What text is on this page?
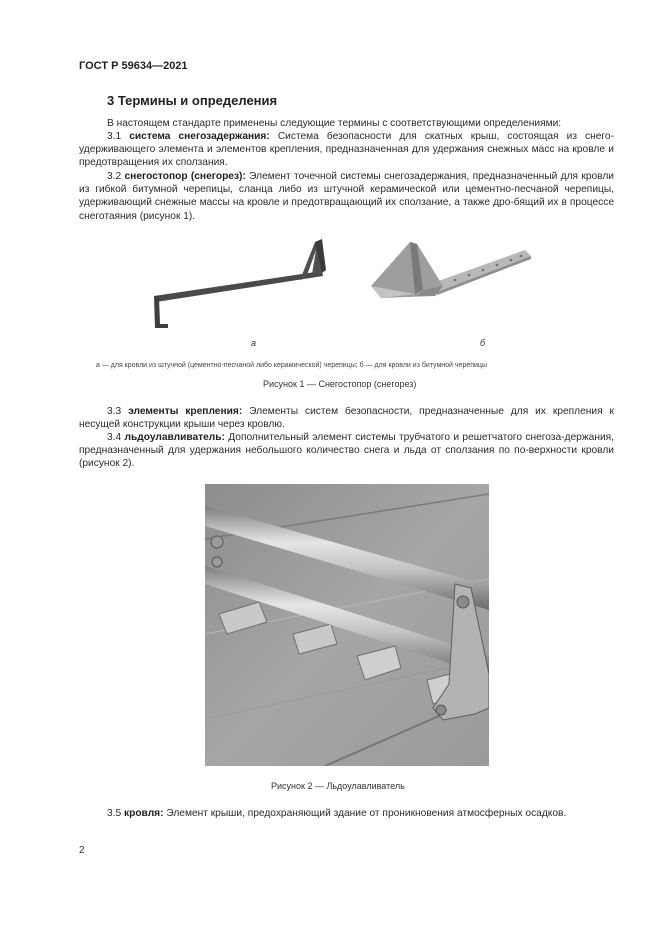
ГОСТ Р 59634—2021
3 Термины и определения
В настоящем стандарте применены следующие термины с соответствующими определениями:
3.1 система снегозадержания: Система безопасности для скатных крыш, состоящая из снего-удерживающего элемента и элементов крепления, предназначенная для удержания снежных масс на кровле и предотвращения их сползания.
3.2 снегостопор (снегорез): Элемент точечной системы снегозадержания, предназначенный для кровли из гибкой битумной черепицы, сланца либо из штучной керамической или цементно-песчаной черепицы, удерживающий снежные массы на кровле и предотвращающий их сползание, а также дро-бящий их в процессе снеготаяния (рисунок 1).
а	б
а — для кровли из штучной (цементно-песчаной либо керамической) черепицы; б — для кровли из битумной черепицы
Рисунок 1 — Снегостопор (снегорез)
3.3 элементы крепления: Элементы систем безопасности, предназначенные для их крепления к несущей конструкции крыши через кровлю.
3.4 льдоулавливатель: Дополнительный элемент системы трубчатого и решетчатого снегоза-держания, предназначенный для удержания небольшого количество снега и льда от сползания по по-верхности кровли (рисунок 2).
Рисунок 2 — Льдоулавливатель
3.5 кровля: Элемент крыши, предохраняющий здание от проникновения атмосферных осадков.
2
